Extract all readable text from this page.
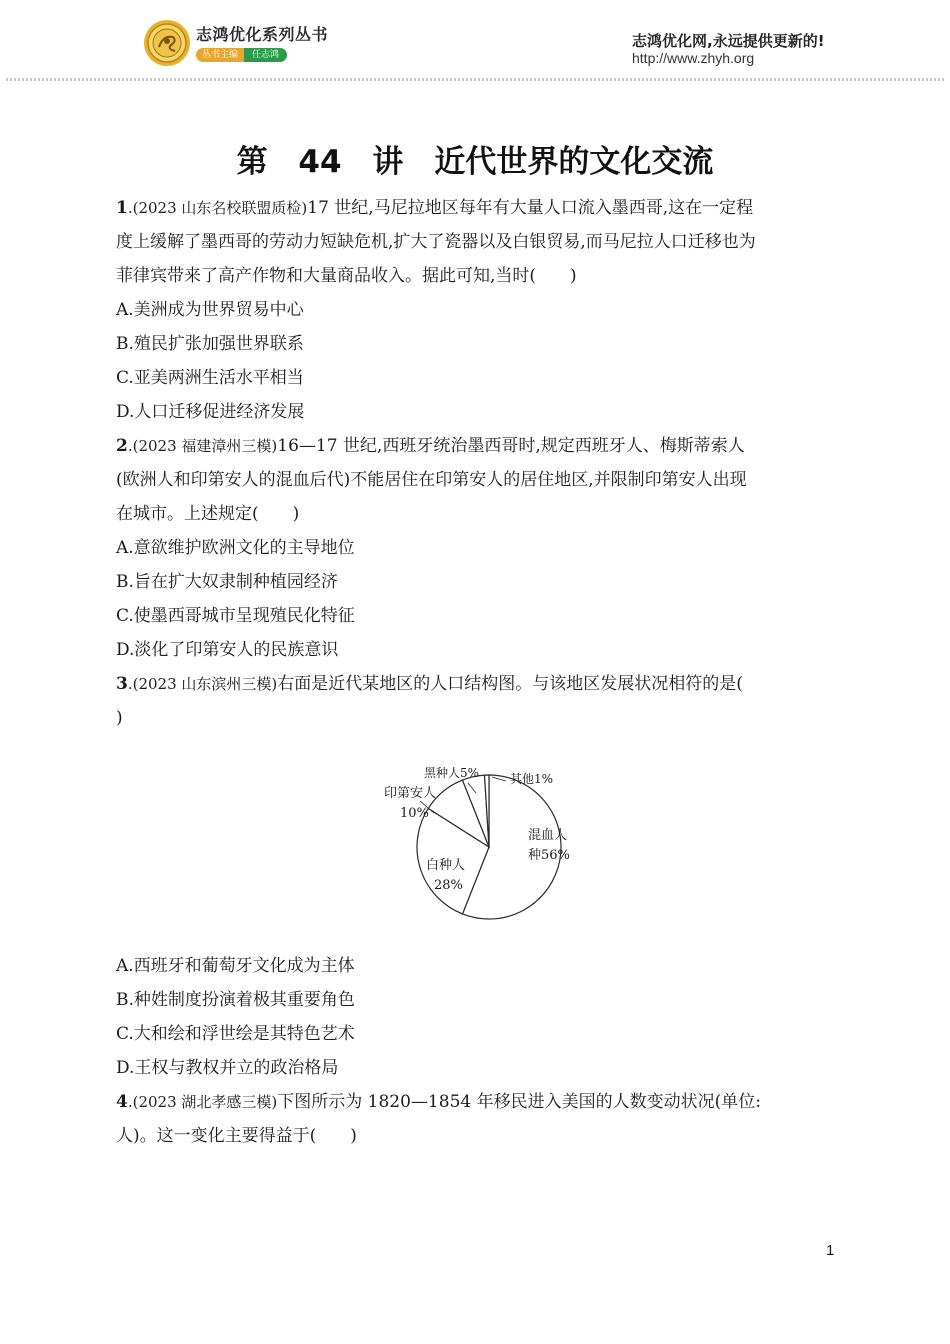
志鸿优化系列丛书
丛书主编	任志鸿
志鸿优化网,永远提供更新的!
http://www.zhyh.org
第 44 讲　近代世界的文化交流
1.(2023 山东名校联盟质检)17 世纪,马尼拉地区每年有大量人口流入墨西哥,这在一定程
度上缓解了墨西哥的劳动力短缺危机,扩大了瓷器以及白银贸易,而马尼拉人口迁移也为
菲律宾带来了高产作物和大量商品收入。据此可知,当时(　　)
A.美洲成为世界贸易中心
B.殖民扩张加强世界联系
C.亚美两洲生活水平相当
D.人口迁移促进经济发展
2.(2023 福建漳州三模)16—17 世纪,西班牙统治墨西哥时,规定西班牙人、梅斯蒂索人
(欧洲人和印第安人的混血后代)不能居住在印第安人的居住地区,并限制印第安人出现
在城市。上述规定(　　)
A.意欲维护欧洲文化的主导地位
B.旨在扩大奴隶制种植园经济
C.使墨西哥城市呈现殖民化特征
D.淡化了印第安人的民族意识
3.(2023 山东滨州三模)右面是近代某地区的人口结构图。与该地区发展状况相符的是(
)
混血人
种56%
白种人
28%
印第安人
10%
黑种人5%	其他1%
A.西班牙和葡萄牙文化成为主体
B.种姓制度扮演着极其重要角色
C.大和绘和浮世绘是其特色艺术
D.王权与教权并立的政治格局
4.(2023 湖北孝感三模)下图所示为 1820—1854 年移民进入美国的人数变动状况(单位:
人)。这一变化主要得益于(　　)
1
